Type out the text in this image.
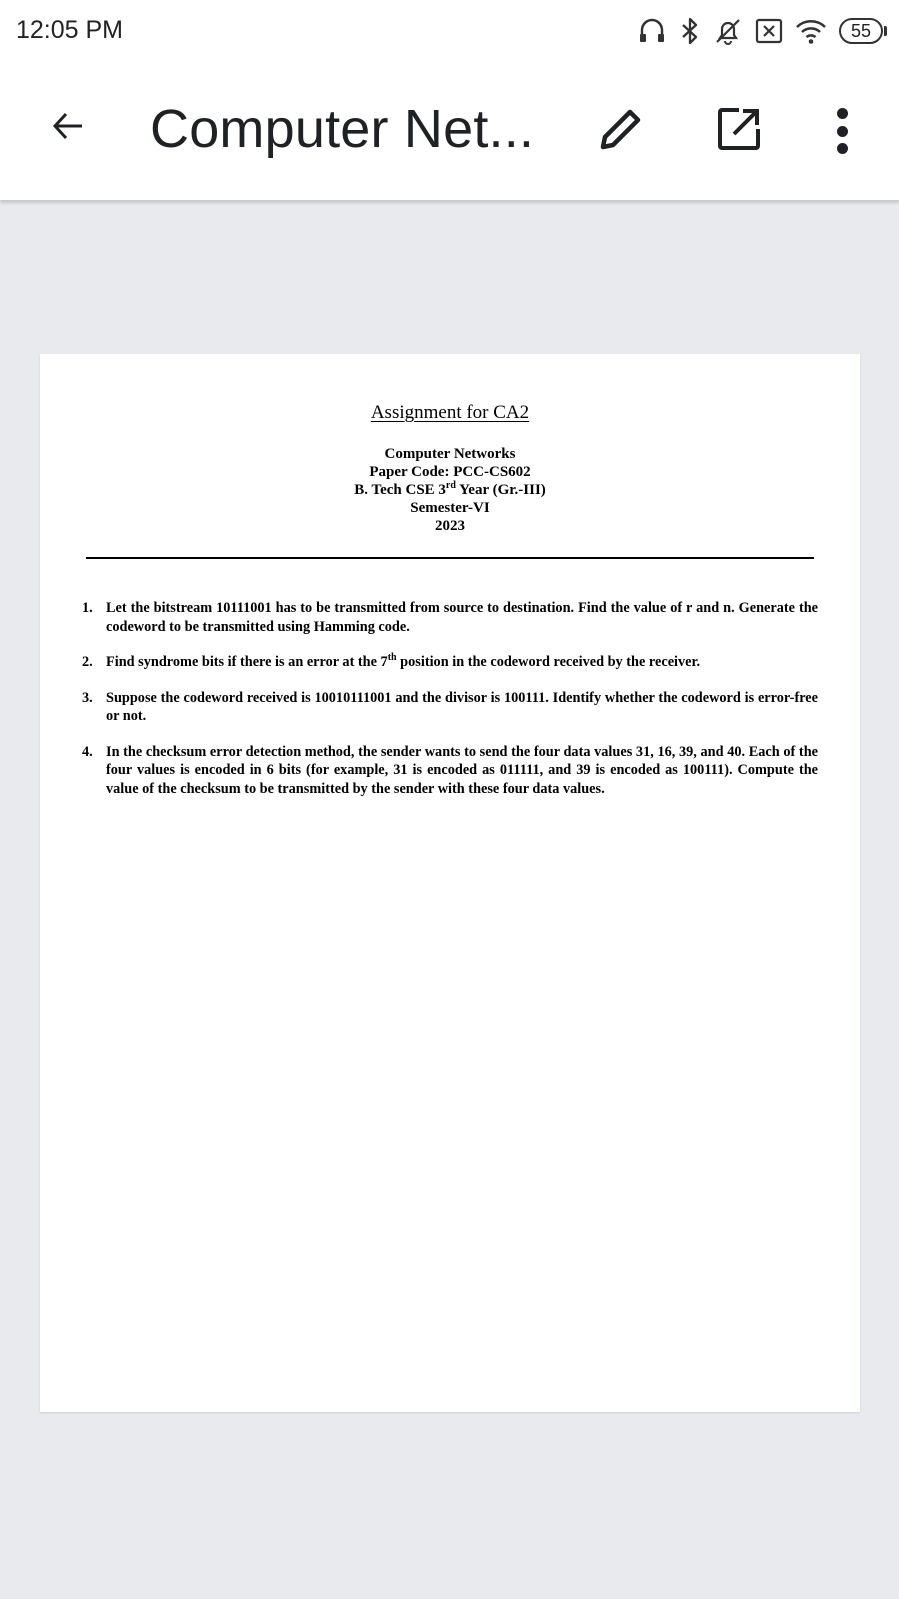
12:05 PM	55
Computer Net...
Assignment for CA2
Computer Networks
Paper Code: PCC-CS602
B. Tech CSE 3rd Year (Gr.-III)
Semester-VI
2023
1. Let the bitstream 10111001 has to be transmitted from source to destination. Find the value of r and n. Generate the codeword to be transmitted using Hamming code.
2. Find syndrome bits if there is an error at the 7th position in the codeword received by the receiver.
3. Suppose the codeword received is 10010111001 and the divisor is 100111. Identify whether the codeword is error-free or not.
4. In the checksum error detection method, the sender wants to send the four data values 31, 16, 39, and 40. Each of the four values is encoded in 6 bits (for example, 31 is encoded as 011111, and 39 is encoded as 100111). Compute the value of the checksum to be transmitted by the sender with these four data values.
